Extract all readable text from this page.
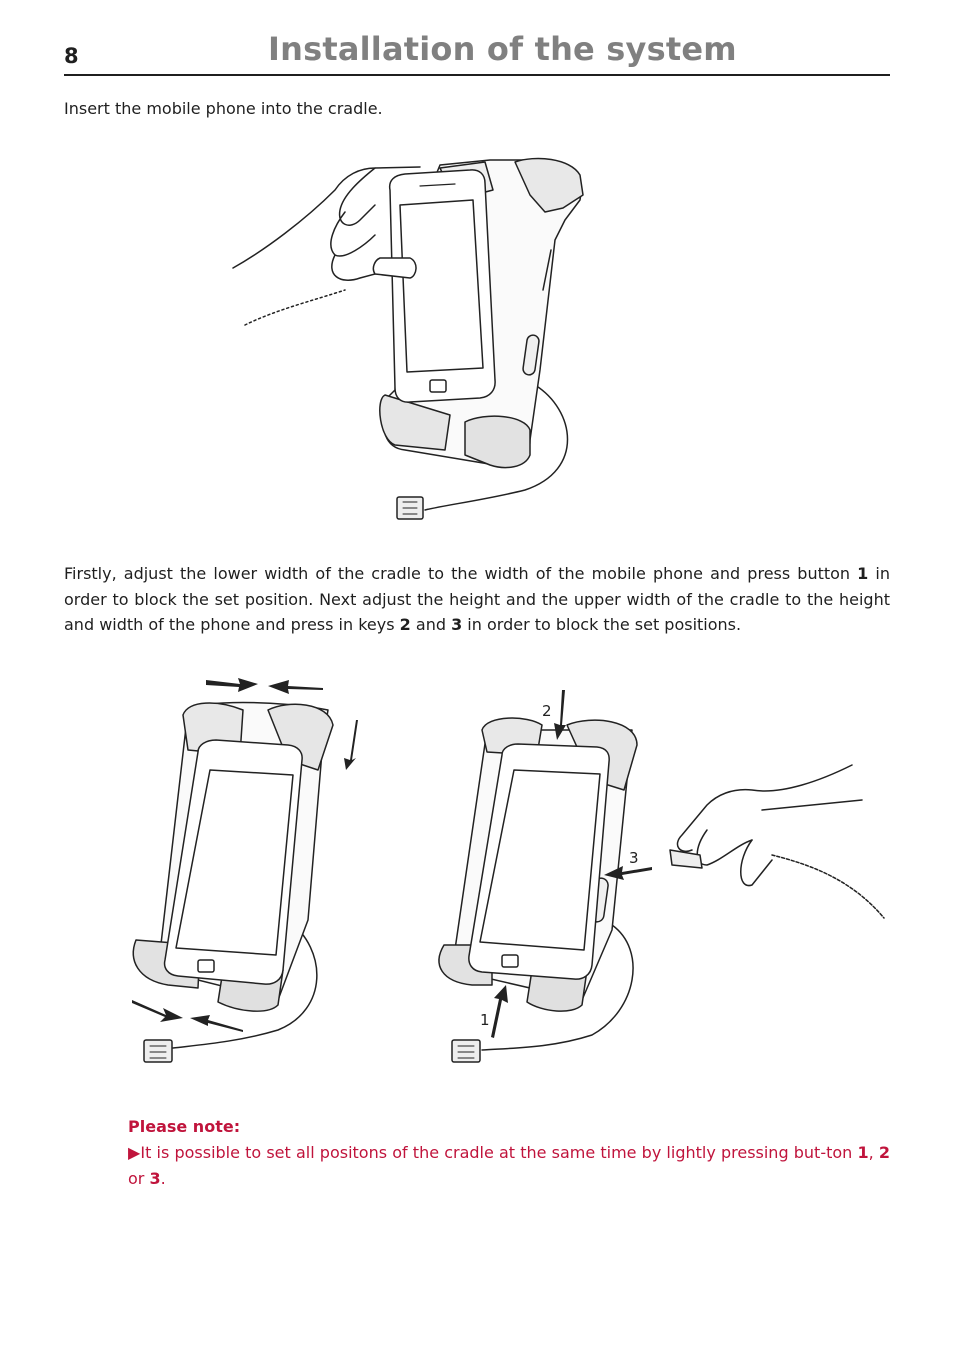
8	Installation of the system
Insert the mobile phone into the cradle.
Firstly, adjust the lower width of the cradle to the width of the mobile phone and press button 1 in order to block the set position. Next adjust the height and the upper width of the cradle to the height and width of the phone and press in keys 2 and 3 in order to block the set positions.
2
3
1
Please note:
▶It is possible to set all positons of the cradle at the same time by lightly pressing but-ton 1, 2 or 3.
